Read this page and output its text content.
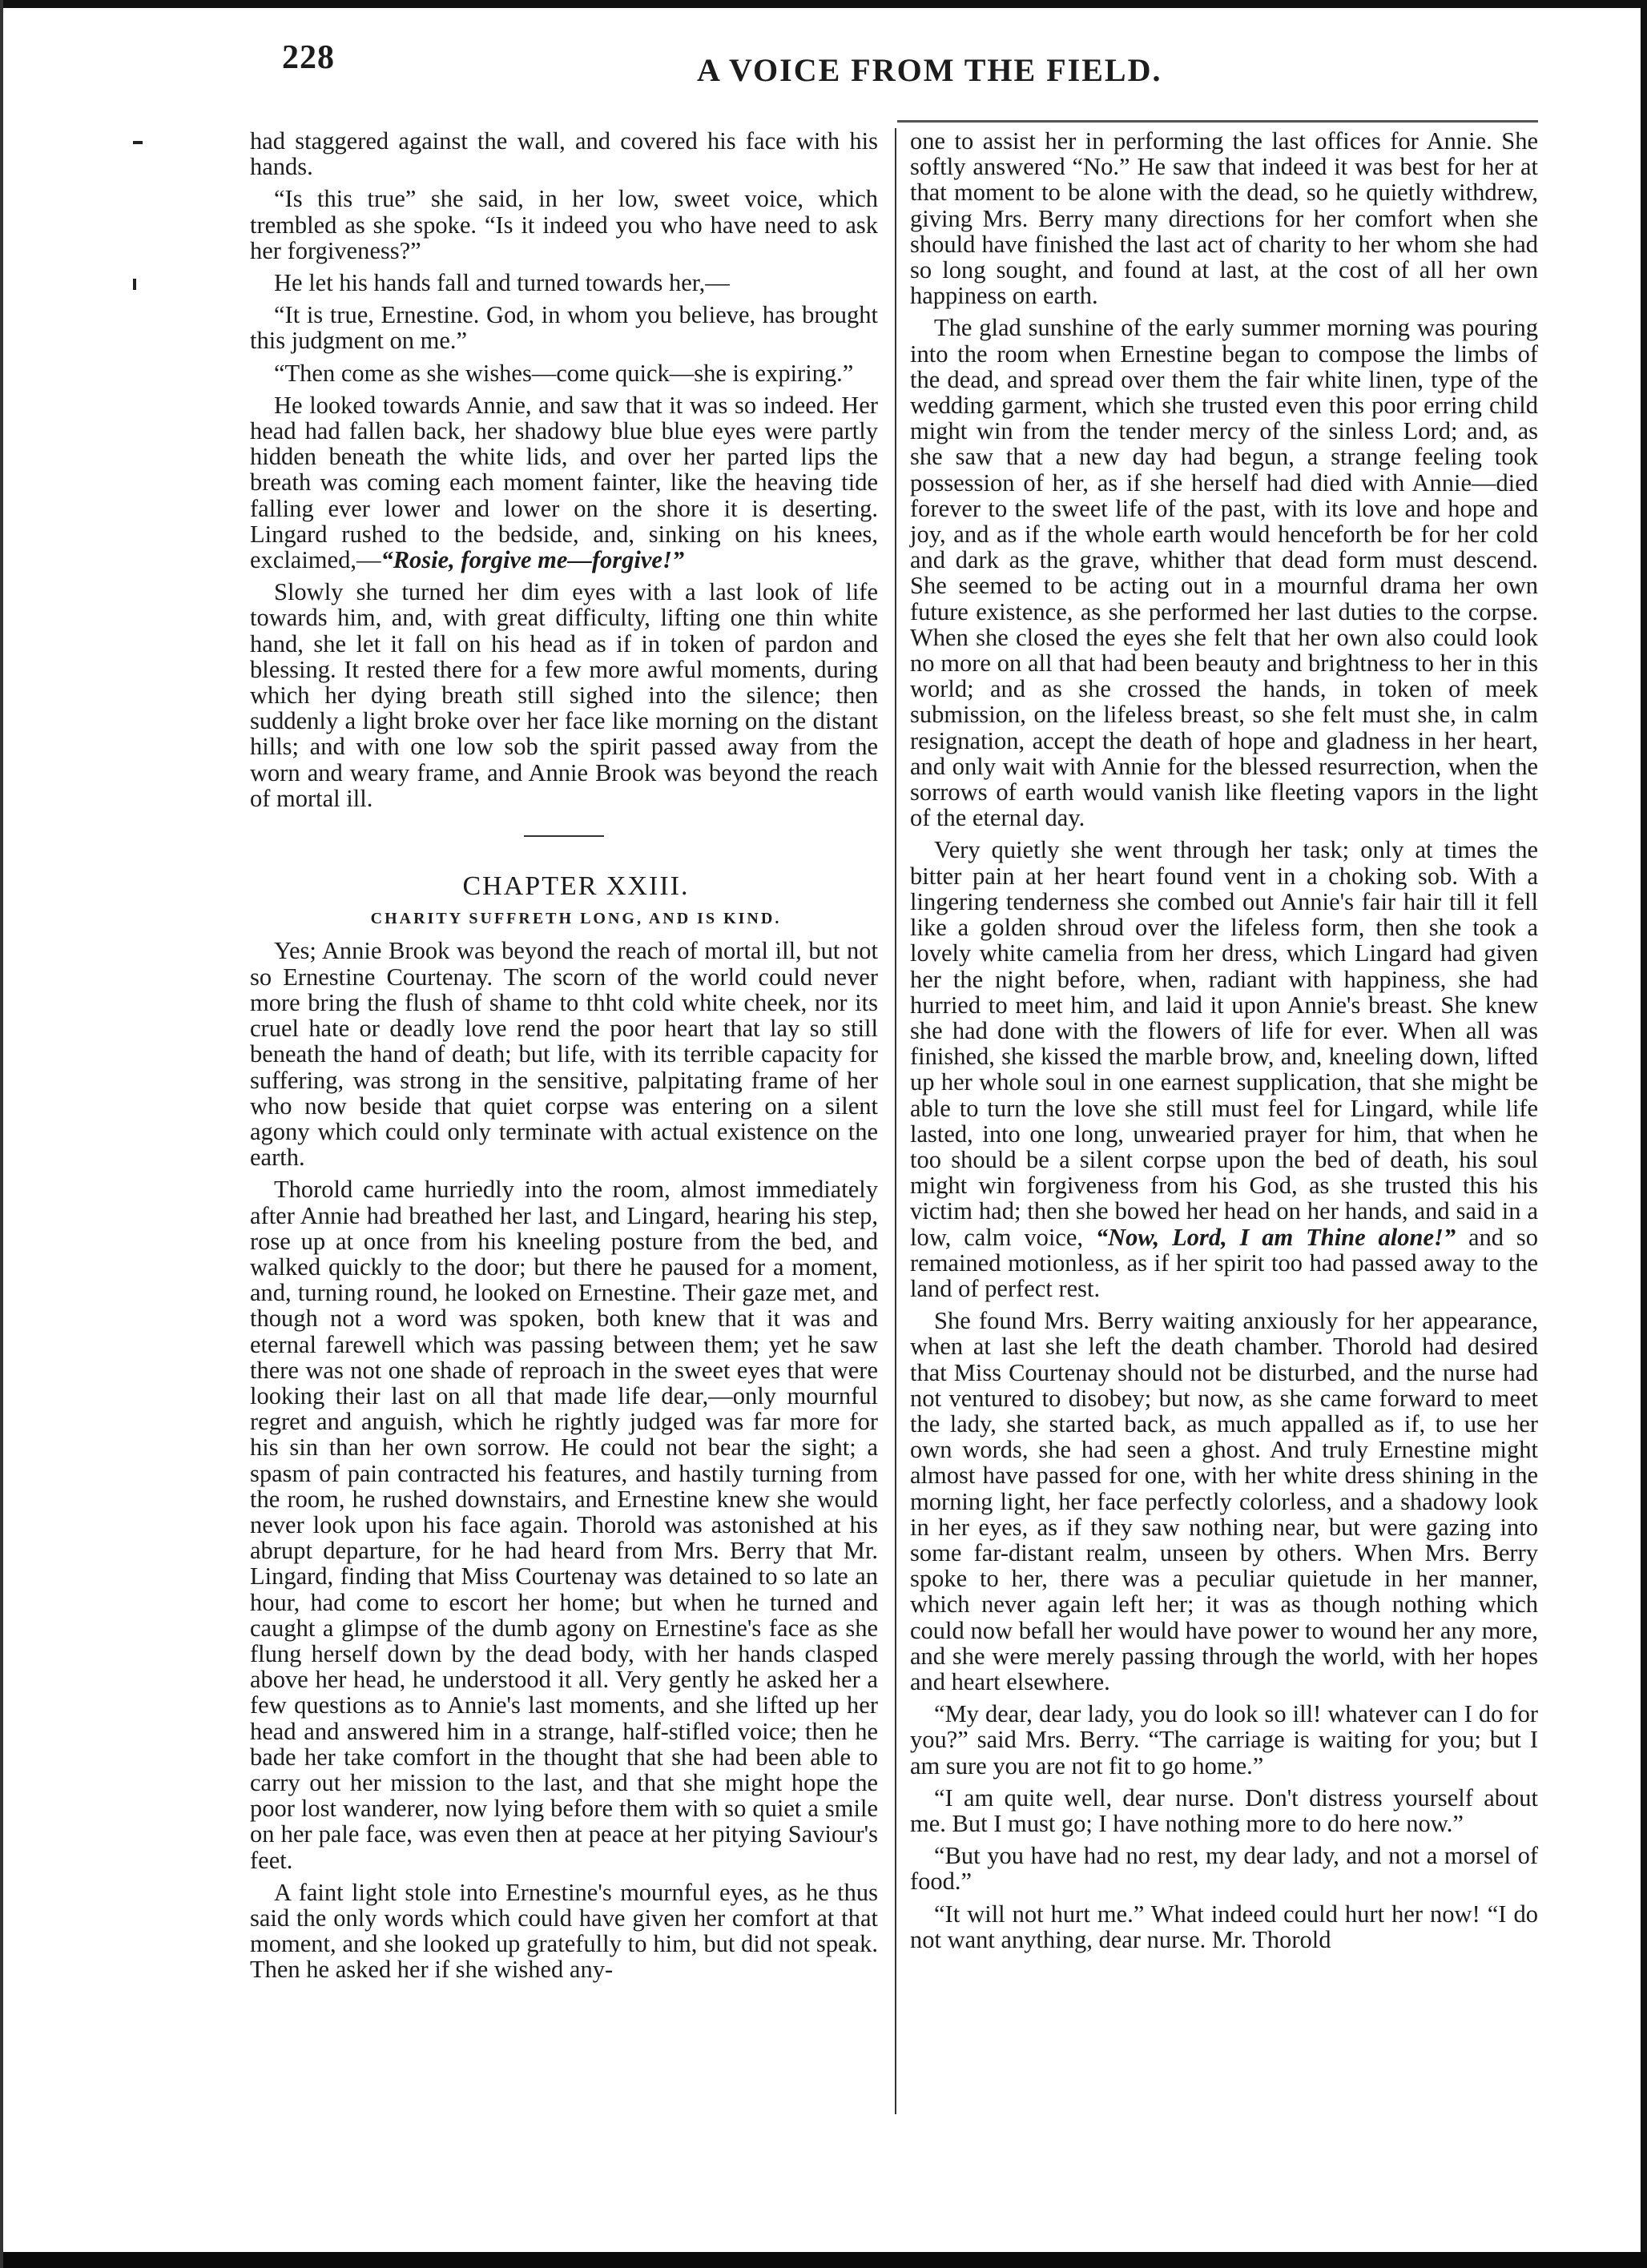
228	A VOICE FROM THE FIELD.

had staggered against the wall, and covered his face with his hands.

“Is this true” she said, in her low, sweet voice, which trembled as she spoke. “Is it indeed you who have need to ask her forgiveness?”

He let his hands fall and turned towards her,—

“It is true, Ernestine. God, in whom you believe, has brought this judgment on me.”

“Then come as she wishes—come quick—she is expiring.”

He looked towards Annie, and saw that it was so indeed. Her head had fallen back, her shadowy blue blue eyes were partly hidden beneath the white lids, and over her parted lips the breath was coming each moment fainter, like the heaving tide falling ever lower and lower on the shore it is deserting. Lingard rushed to the bedside, and, sinking on his knees, exclaimed,—“Rosie, forgive me—forgive!”

Slowly she turned her dim eyes with a last look of life towards him, and, with great difficulty, lifting one thin white hand, she let it fall on his head as if in token of pardon and blessing. It rested there for a few more awful moments, during which her dying breath still sighed into the silence; then suddenly a light broke over her face like morning on the distant hills; and with one low sob the spirit passed away from the worn and weary frame, and Annie Brook was beyond the reach of mortal ill.

CHAPTER XXIII.

CHARITY SUFFRETH LONG, AND IS KIND.

Yes; Annie Brook was beyond the reach of mortal ill, but not so Ernestine Courtenay. The scorn of the world could never more bring the flush of shame to thht cold white cheek, nor its cruel hate or deadly love rend the poor heart that lay so still beneath the hand of death; but life, with its terrible capacity for suffering, was strong in the sensitive, palpitating frame of her who now beside that quiet corpse was entering on a silent agony which could only terminate with actual existence on the earth.

Thorold came hurriedly into the room, almost immediately after Annie had breathed her last, and Lingard, hearing his step, rose up at once from his kneeling posture from the bed, and walked quickly to the door; but there he paused for a moment, and, turning round, he looked on Ernestine. Their gaze met, and though not a word was spoken, both knew that it was and eternal farewell which was passing between them; yet he saw there was not one shade of reproach in the sweet eyes that were looking their last on all that made life dear,—only mournful regret and anguish, which he rightly judged was far more for his sin than her own sorrow. He could not bear the sight; a spasm of pain contracted his features, and hastily turning from the room, he rushed downstairs, and Ernestine knew she would never look upon his face again. Thorold was astonished at his abrupt departure, for he had heard from Mrs. Berry that Mr. Lingard, finding that Miss Courtenay was detained to so late an hour, had come to escort her home; but when he turned and caught a glimpse of the dumb agony on Ernestine's face as she flung herself down by the dead body, with her hands clasped above her head, he understood it all. Very gently he asked her a few questions as to Annie's last moments, and she lifted up her head and answered him in a strange, half-stifled voice; then he bade her take comfort in the thought that she had been able to carry out her mission to the last, and that she might hope the poor lost wanderer, now lying before them with so quiet a smile on her pale face, was even then at peace at her pitying Saviour's feet.

A faint light stole into Ernestine's mournful eyes, as he thus said the only words which could have given her comfort at that moment, and she looked up gratefully to him, but did not speak. Then he asked her if she wished any-

one to assist her in performing the last offices for Annie. She softly answered “No.” He saw that indeed it was best for her at that moment to be alone with the dead, so he quietly withdrew, giving Mrs. Berry many directions for her comfort when she should have finished the last act of charity to her whom she had so long sought, and found at last, at the cost of all her own happiness on earth.

The glad sunshine of the early summer morning was pouring into the room when Ernestine began to compose the limbs of the dead, and spread over them the fair white linen, type of the wedding garment, which she trusted even this poor erring child might win from the tender mercy of the sinless Lord; and, as she saw that a new day had begun, a strange feeling took possession of her, as if she herself had died with Annie—died forever to the sweet life of the past, with its love and hope and joy, and as if the whole earth would henceforth be for her cold and dark as the grave, whither that dead form must descend. She seemed to be acting out in a mournful drama her own future existence, as she performed her last duties to the corpse. When she closed the eyes she felt that her own also could look no more on all that had been beauty and brightness to her in this world; and as she crossed the hands, in token of meek submission, on the lifeless breast, so she felt must she, in calm resignation, accept the death of hope and gladness in her heart, and only wait with Annie for the blessed resurrection, when the sorrows of earth would vanish like fleeting vapors in the light of the eternal day.

Very quietly she went through her task; only at times the bitter pain at her heart found vent in a choking sob. With a lingering tenderness she combed out Annie's fair hair till it fell like a golden shroud over the lifeless form, then she took a lovely white camelia from her dress, which Lingard had given her the night before, when, radiant with happiness, she had hurried to meet him, and laid it upon Annie's breast. She knew she had done with the flowers of life for ever. When all was finished, she kissed the marble brow, and, kneeling down, lifted up her whole soul in one earnest supplication, that she might be able to turn the love she still must feel for Lingard, while life lasted, into one long, unwearied prayer for him, that when he too should be a silent corpse upon the bed of death, his soul might win forgiveness from his God, as she trusted this his victim had; then she bowed her head on her hands, and said in a low, calm voice, “Now, Lord, I am Thine alone!” and so remained motionless, as if her spirit too had passed away to the land of perfect rest.

She found Mrs. Berry waiting anxiously for her appearance, when at last she left the death chamber. Thorold had desired that Miss Courtenay should not be disturbed, and the nurse had not ventured to disobey; but now, as she came forward to meet the lady, she started back, as much appalled as if, to use her own words, she had seen a ghost. And truly Ernestine might almost have passed for one, with her white dress shining in the morning light, her face perfectly colorless, and a shadowy look in her eyes, as if they saw nothing near, but were gazing into some far-distant realm, unseen by others. When Mrs. Berry spoke to her, there was a peculiar quietude in her manner, which never again left her; it was as though nothing which could now befall her would have power to wound her any more, and she were merely passing through the world, with her hopes and heart elsewhere.

“My dear, dear lady, you do look so ill! whatever can I do for you?” said Mrs. Berry. “The carriage is waiting for you; but I am sure you are not fit to go home.”

“I am quite well, dear nurse. Don't distress yourself about me. But I must go; I have nothing more to do here now.”

“But you have had no rest, my dear lady, and not a morsel of food.”

“It will not hurt me.” What indeed could hurt her now! “I do not want anything, dear nurse. Mr. Thorold
